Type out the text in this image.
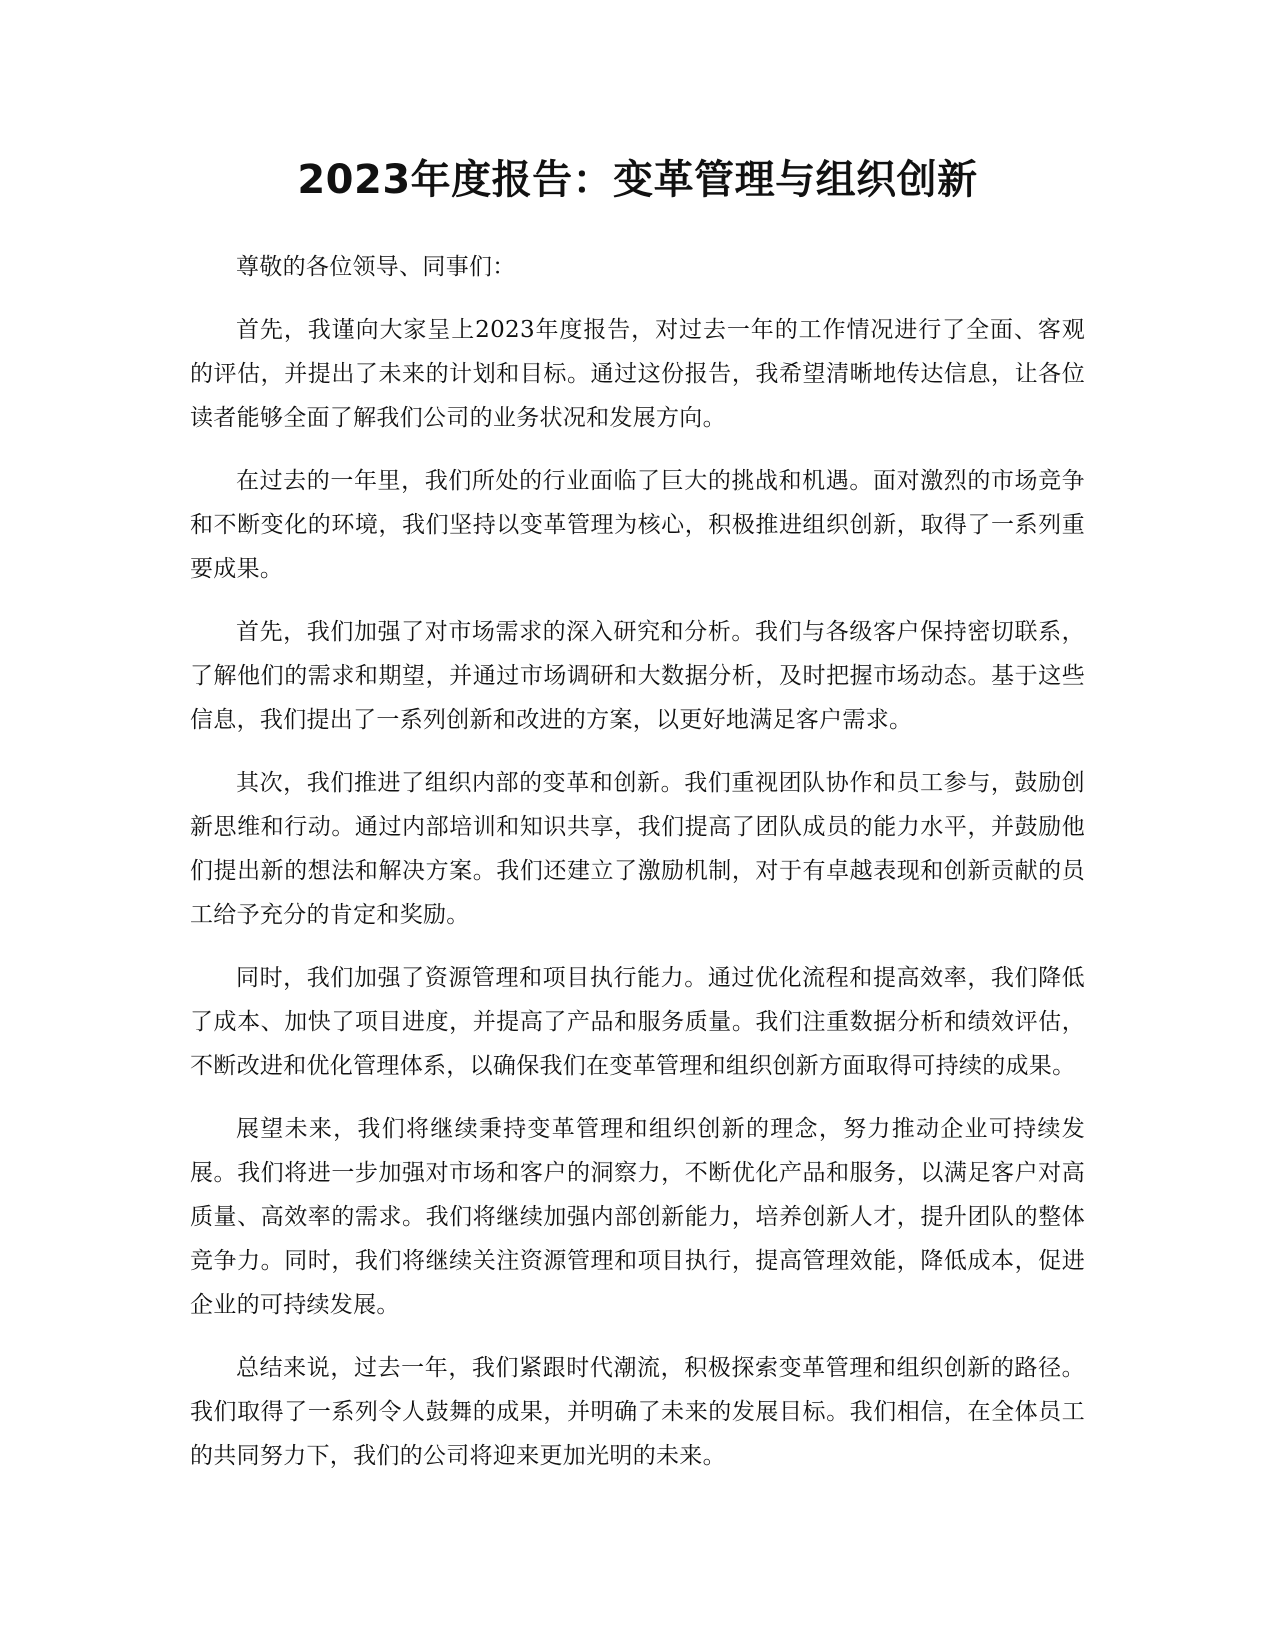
2023年度报告：变革管理与组织创新

尊敬的各位领导、同事们：

首先，我谨向大家呈上2023年度报告，对过去一年的工作情况进行了全面、客观的评估，并提出了未来的计划和目标。通过这份报告，我希望清晰地传达信息，让各位读者能够全面了解我们公司的业务状况和发展方向。

在过去的一年里，我们所处的行业面临了巨大的挑战和机遇。面对激烈的市场竞争和不断变化的环境，我们坚持以变革管理为核心，积极推进组织创新，取得了一系列重要成果。

首先，我们加强了对市场需求的深入研究和分析。我们与各级客户保持密切联系，了解他们的需求和期望，并通过市场调研和大数据分析，及时把握市场动态。基于这些信息，我们提出了一系列创新和改进的方案，以更好地满足客户需求。

其次，我们推进了组织内部的变革和创新。我们重视团队协作和员工参与，鼓励创新思维和行动。通过内部培训和知识共享，我们提高了团队成员的能力水平，并鼓励他们提出新的想法和解决方案。我们还建立了激励机制，对于有卓越表现和创新贡献的员工给予充分的肯定和奖励。

同时，我们加强了资源管理和项目执行能力。通过优化流程和提高效率，我们降低了成本、加快了项目进度，并提高了产品和服务质量。我们注重数据分析和绩效评估，不断改进和优化管理体系，以确保我们在变革管理和组织创新方面取得可持续的成果。

展望未来，我们将继续秉持变革管理和组织创新的理念，努力推动企业可持续发展。我们将进一步加强对市场和客户的洞察力，不断优化产品和服务，以满足客户对高质量、高效率的需求。我们将继续加强内部创新能力，培养创新人才，提升团队的整体竞争力。同时，我们将继续关注资源管理和项目执行，提高管理效能，降低成本，促进企业的可持续发展。

总结来说，过去一年，我们紧跟时代潮流，积极探索变革管理和组织创新的路径。我们取得了一系列令人鼓舞的成果，并明确了未来的发展目标。我们相信，在全体员工的共同努力下，我们的公司将迎来更加光明的未来。
